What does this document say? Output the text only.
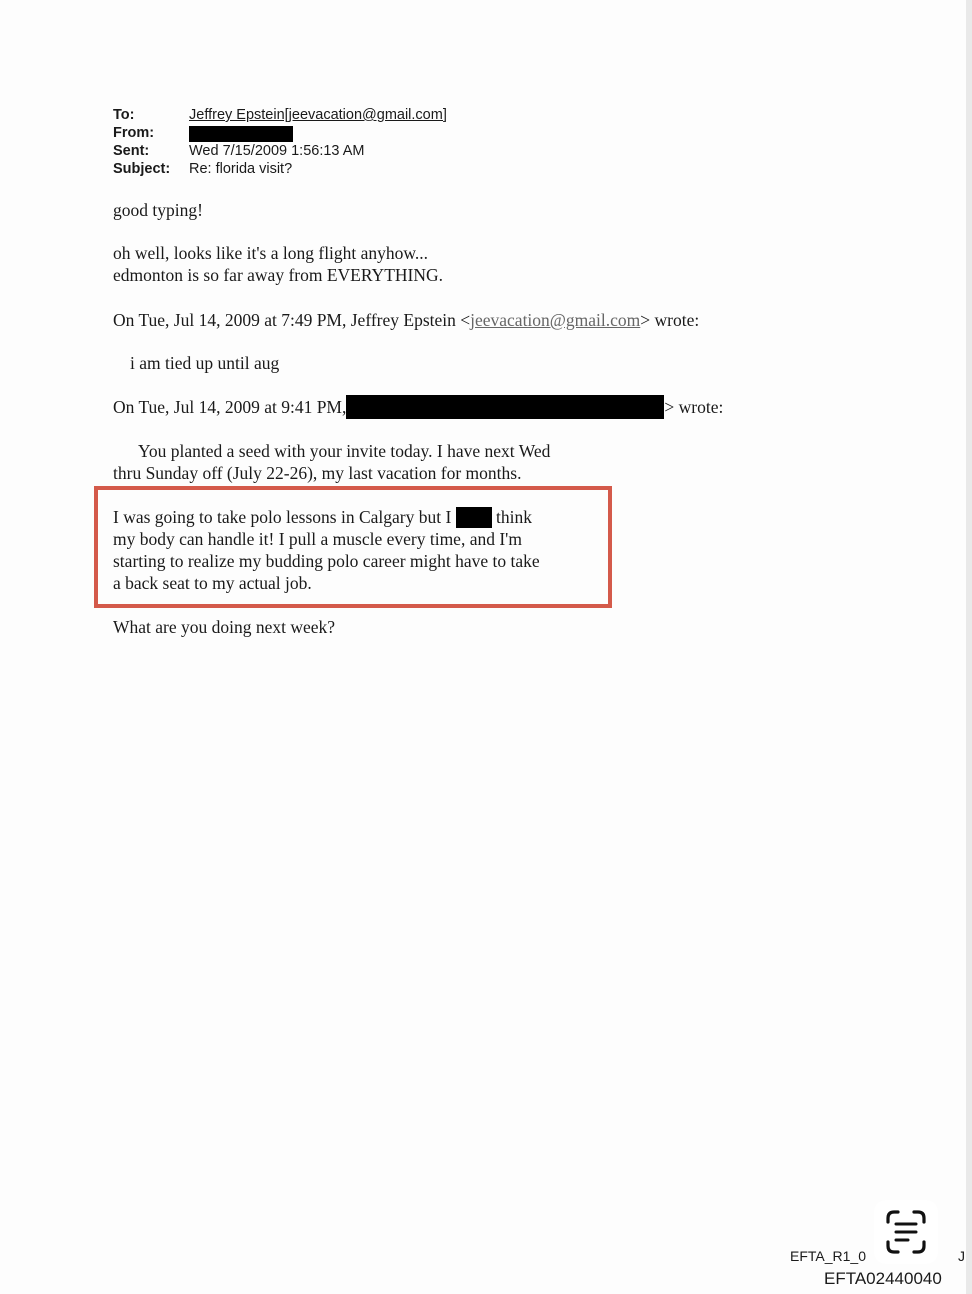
To:	Jeffrey Epstein[jeevacation@gmail.com]
From:
Sent:	Wed 7/15/2009 1:56:13 AM
Subject:	Re: florida visit?
good typing!
oh well, looks like it's a long flight anyhow...
edmonton is so far away from EVERYTHING.
On Tue, Jul 14, 2009 at 7:49 PM, Jeffrey Epstein <jeevacation@gmail.com> wrote:
i am tied up until aug
On Tue, Jul 14, 2009 at 9:41 PM,	> wrote:
You planted a seed with your invite today. I have next Wed
thru Sunday off (July 22-26), my last vacation for months.
I was going to take polo lessons in Calgary but I	think
my body can handle it! I pull a muscle every time, and I'm
starting to realize my budding polo career might have to take
a back seat to my actual job.
What are you doing next week?
EFTA_R1_0	J
EFTA02440040
